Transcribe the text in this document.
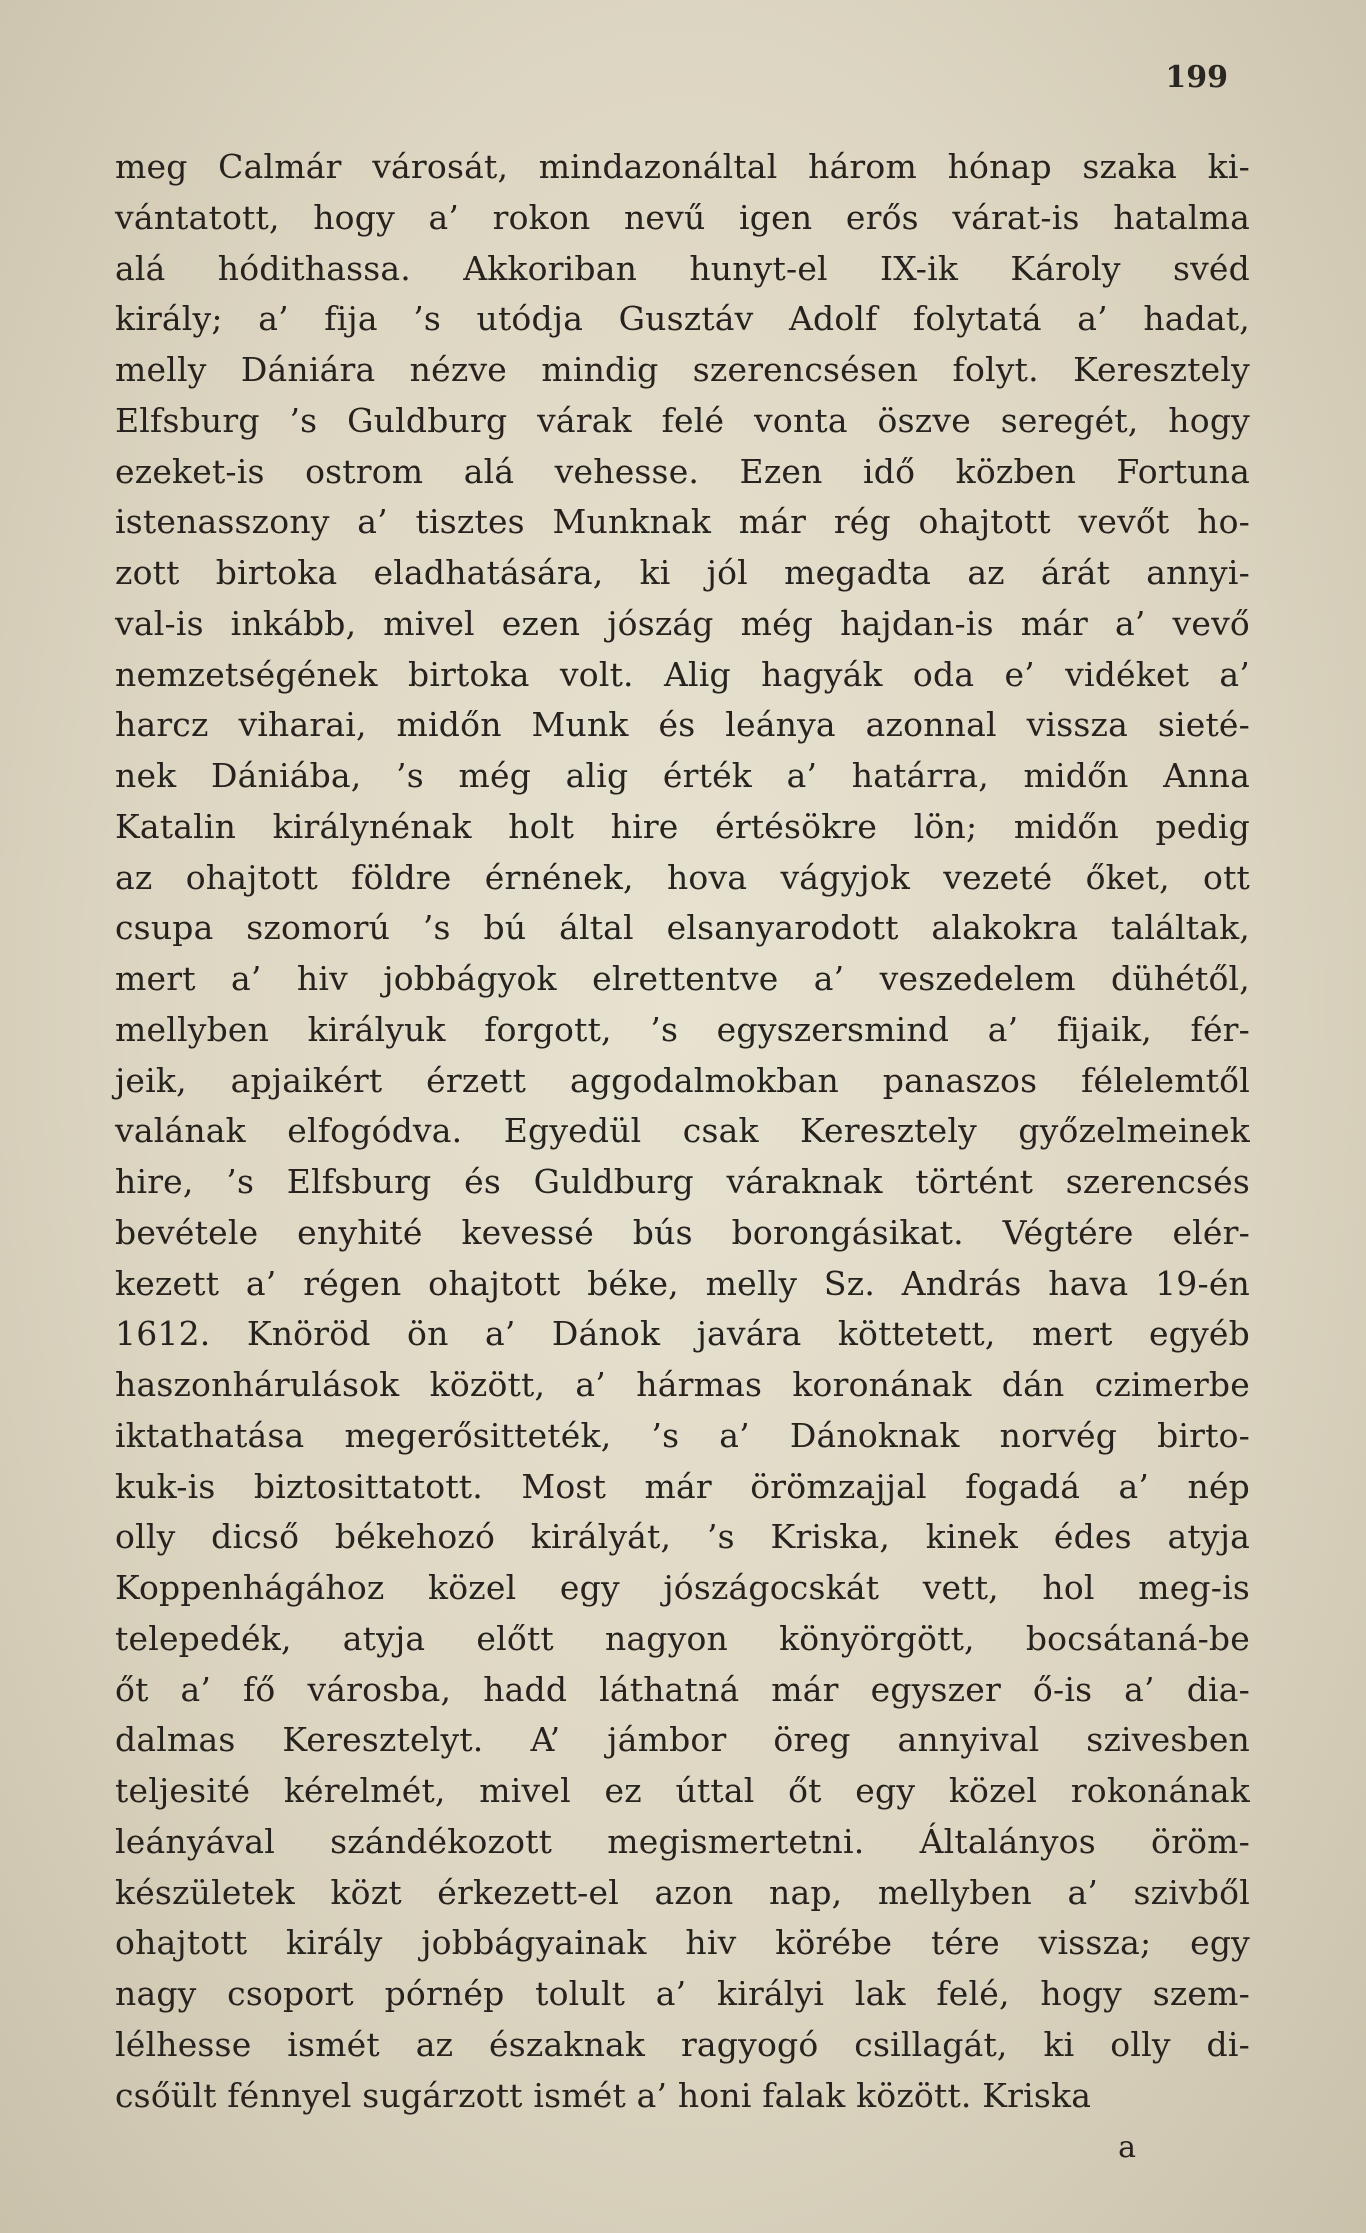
199
meg Calmár városát, mindazonáltal három hónap szaka ki-
vántatott, hogy a’ rokon nevű igen erős várat-is hatalma
alá hódithassa. Akkoriban hunyt-el IX-ik Károly svéd
király; a’ fija ’s utódja Gusztáv Adolf folytatá a’ hadat,
melly Dániára nézve mindig szerencsésen folyt. Keresztely
Elfsburg ’s Guldburg várak felé vonta öszve seregét, hogy
ezeket-is ostrom alá vehesse. Ezen idő közben Fortuna
istenasszony a’ tisztes Munknak már rég ohajtott vevőt ho-
zott birtoka eladhatására, ki jól megadta az árát annyi-
val-is inkább, mivel ezen jószág még hajdan-is már a’ vevő
nemzetségének birtoka volt. Alig hagyák oda e’ vidéket a’
harcz viharai, midőn Munk és leánya azonnal vissza sieté-
nek Dániába, ’s még alig érték a’ határra, midőn Anna
Katalin királynénak holt hire értésökre lön; midőn pedig
az ohajtott földre érnének, hova vágyjok vezeté őket, ott
csupa szomorú ’s bú által elsanyarodott alakokra találtak,
mert a’ hiv jobbágyok elrettentve a’ veszedelem dühétől,
mellyben királyuk forgott, ’s egyszersmind a’ fijaik, fér-
jeik, apjaikért érzett aggodalmokban panaszos félelemtől
valának elfogódva. Egyedül csak Keresztely győzelmeinek
hire, ’s Elfsburg és Guldburg váraknak történt szerencsés
bevétele enyhité kevessé bús borongásikat. Végtére elér-
kezett a’ régen ohajtott béke, melly Sz. András hava 19-én
1612. Knöröd ön a’ Dánok javára köttetett, mert egyéb
haszonhárulások között, a’ hármas koronának dán czimerbe
iktathatása megerősitteték, ’s a’ Dánoknak norvég birto-
kuk-is biztosittatott. Most már örömzajjal fogadá a’ nép
olly dicső békehozó királyát, ’s Kriska, kinek édes atyja
Koppenhágához közel egy jószágocskát vett, hol meg-is
telepedék, atyja előtt nagyon könyörgött, bocsátaná-be
őt a’ fő városba, hadd láthatná már egyszer ő-is a’ dia-
dalmas Keresztelyt. A’ jámbor öreg annyival szivesben
teljesité kérelmét, mivel ez úttal őt egy közel rokonának
leányával szándékozott megismertetni. Általányos öröm-
készületek közt érkezett-el azon nap, mellyben a’ szivből
ohajtott király jobbágyainak hiv körébe tére vissza; egy
nagy csoport pórnép tolult a’ királyi lak felé, hogy szem-
lélhesse ismét az északnak ragyogó csillagát, ki olly di-
csőült fénnyel sugárzott ismét a’ honi falak között. Kriska
a
